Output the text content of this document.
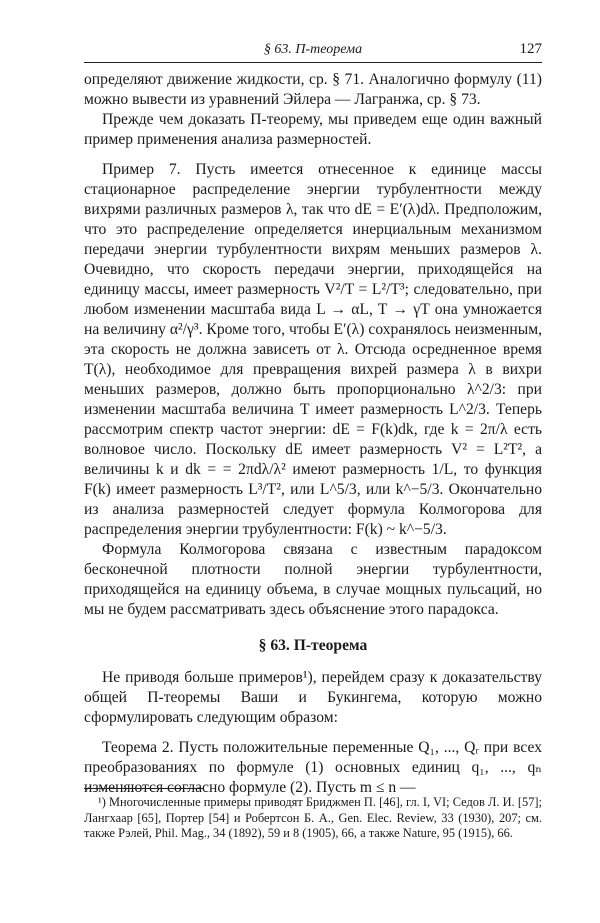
§ 63. П-теорема	127

определяют движение жидкости, ср. § 71. Аналогично формулу (11) можно вывести из уравнений Эйлера — Лагранжа, ср. § 73.

Прежде чем доказать П-теорему, мы приведем еще один важный пример применения анализа размерностей.

Пример 7. Пусть имеется отнесенное к единице массы стационарное распределение энергии турбулентности между вихрями различных размеров λ, так что dE = E′(λ)dλ. Предположим, что это распределение определяется инерциальным механизмом передачи энергии турбулентности вихрям меньших размеров λ. Очевидно, что скорость передачи энергии, приходящейся на единицу массы, имеет размерность V²/T = L²/T³; следовательно, при любом изменении масштаба вида L → αL, T → γT она умножается на величину α²/γ³. Кроме того, чтобы E′(λ) сохранялось неизменным, эта скорость не должна зависеть от λ. Отсюда осредненное время T(λ), необходимое для превращения вихрей размера λ в вихри меньших размеров, должно быть пропорционально λ^2/3: при изменении масштаба величина T имеет размерность L^2/3. Теперь рассмотрим спектр частот энергии: dE = F(k)dk, где k = 2π/λ есть волновое число. Поскольку dE имеет размерность V² = L²T², а величины k и dk = = 2πdλ/λ² имеют размерность 1/L, то функция F(k) имеет размерность L³/T², или L^5/3, или k^−5/3. Окончательно из анализа размерностей следует формула Колмогорова для распределения энергии трубулентности: F(k) ~ k^−5/3.

Формула Колмогорова связана с известным парадоксом бесконечной плотности полной энергии турбулентности, приходящейся на единицу объема, в случае мощных пульсаций, но мы не будем рассматривать здесь объяснение этого парадокса.

§ 63. П-теорема

Не приводя больше примеров¹), перейдем сразу к доказательству общей П-теоремы Ваши и Букингема, которую можно сформулировать следующим образом:

Теорема 2. Пусть положительные переменные Q₁, ..., Qᵣ при всех преобразованиях по формуле (1) основных единиц q₁, ..., qₙ изменяются согласно формуле (2). Пусть m ≤ n —

¹) Многочисленные примеры приводят Бриджмен П. [46], гл. I, VI; Седов Л. И. [57]; Лангхаар [65], Портер [54] и Робертсон Б. А., Gen. Elec. Review, 33 (1930), 207; см. также Рэлей, Phil. Mag., 34 (1892), 59 и 8 (1905), 66, а также Nature, 95 (1915), 66.
